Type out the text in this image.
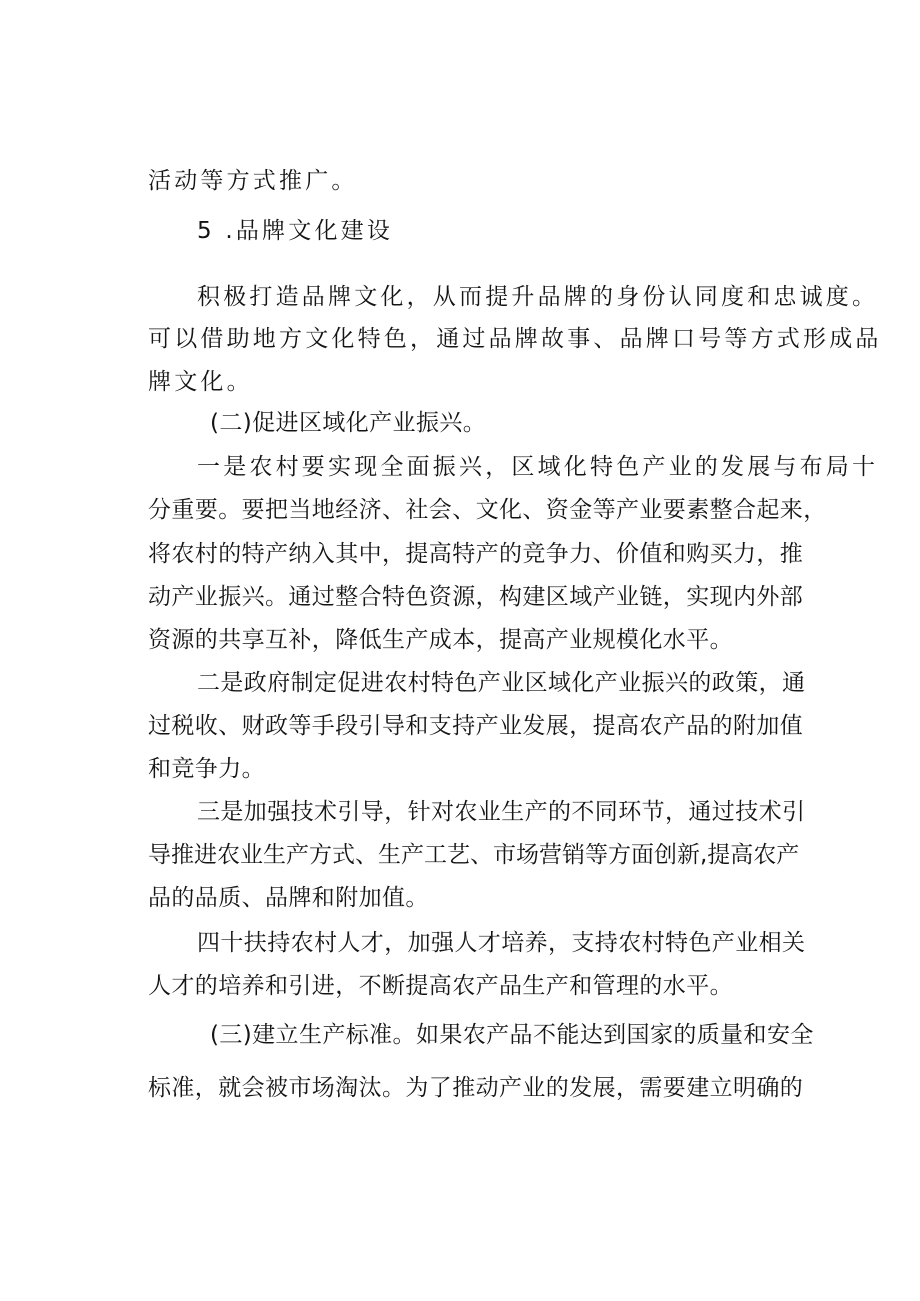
活动等方式推广。

5 .品牌文化建设

积极打造品牌文化，从而提升品牌的身份认同度和忠诚度。

可以借助地方文化特色，通过品牌故事、品牌口号等方式形成品

牌文化。

(二)促进区域化产业振兴。

一是农村要实现全面振兴，区域化特色产业的发展与布局十

分重要。要把当地经济、社会、文化、资金等产业要素整合起来，

将农村的特产纳入其中，提高特产的竞争力、价值和购买力，推

动产业振兴。通过整合特色资源，构建区域产业链，实现内外部

资源的共享互补，降低生产成本，提高产业规模化水平。

二是政府制定促进农村特色产业区域化产业振兴的政策，通

过税收、财政等手段引导和支持产业发展，提高农产品的附加值

和竞争力。

三是加强技术引导，针对农业生产的不同环节，通过技术引

导推进农业生产方式、生产工艺、市场营销等方面创新,提高农产

品的品质、品牌和附加值。

四十扶持农村人才，加强人才培养，支持农村特色产业相关

人才的培养和引进，不断提高农产品生产和管理的水平。

(三)建立生产标准。如果农产品不能达到国家的质量和安全

标准，就会被市场淘汰。为了推动产业的发展，需要建立明确的
